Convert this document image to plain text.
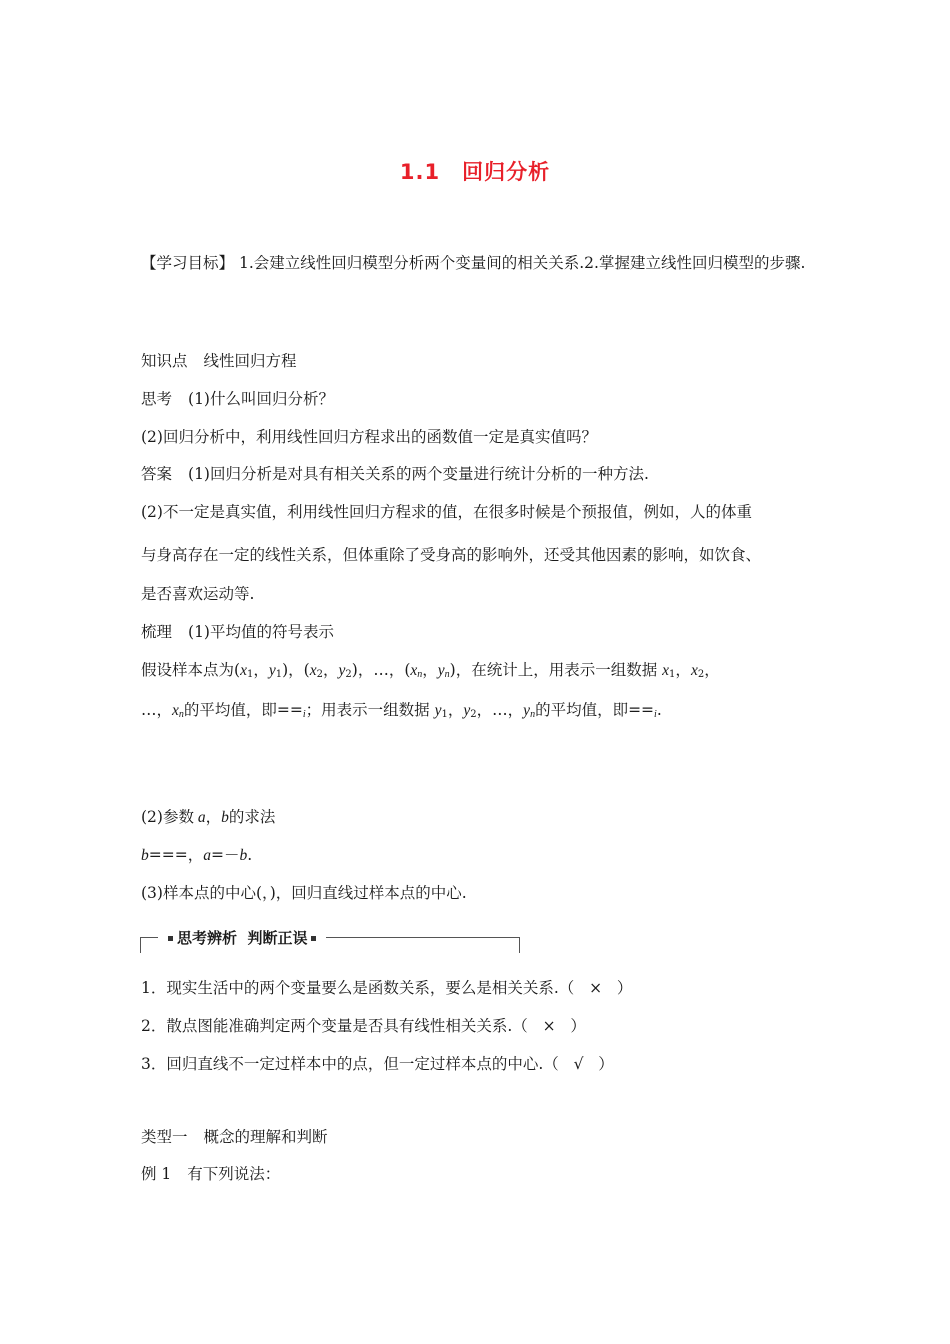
1.1 回归分析
【学习目标】 1.会建立线性回归模型分析两个变量间的相关关系.2.掌握建立线性回归模型的步骤.
知识点 线性回归方程
思考 (1)什么叫回归分析？
(2)回归分析中，利用线性回归方程求出的函数值一定是真实值吗？
答案 (1)回归分析是对具有相关关系的两个变量进行统计分析的一种方法.
(2)不一定是真实值，利用线性回归方程求的值，在很多时候是个预报值，例如，人的体重
与身高存在一定的线性关系，但体重除了受身高的影响外，还受其他因素的影响，如饮食、
是否喜欢运动等.
梳理 (1)平均值的符号表示
假设样本点为($x_1$，$y_1$)，($x_2$，$y_2$)，…，($x_n$，$y_n$)，在统计上，用表示一组数据 $x_1$，$x_2$，
…，$x_n$的平均值，即$==_i$；用表示一组数据 $y_1$，$y_2$，…，$y_n$的平均值，即$==_i$.
(2)参数 a，b的求法
b===，a=－b.
(3)样本点的中心(，)，回归直线过样本点的中心.
思考辨析 判断正误
1．现实生活中的两个变量要么是函数关系，要么是相关关系.（   ×   ）
2．散点图能准确判定两个变量是否具有线性相关关系.（   ×   ）
3．回归直线不一定过样本中的点，但一定过样本点的中心.（   √   ）
类型一 概念的理解和判断
例 1 有下列说法：
